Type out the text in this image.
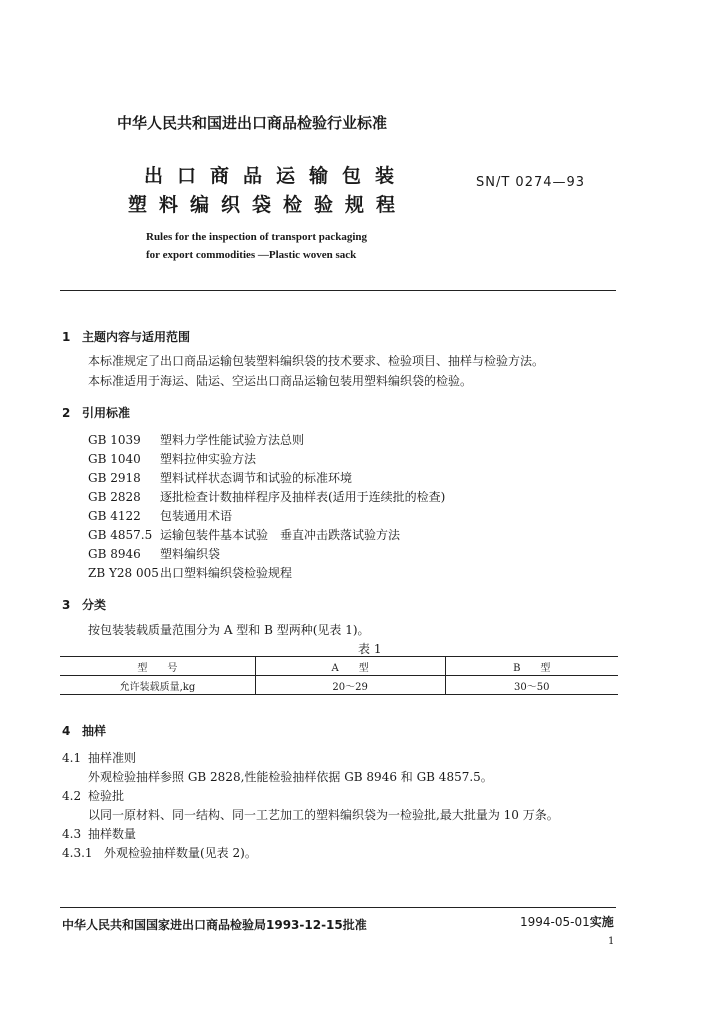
中华人民共和国进出口商品检验行业标准
出口商品运输包装
塑料编织袋检验规程
SN/T 0274—93
Rules for the inspection of transport packaging
for export commodities —Plastic woven sack
1 主题内容与适用范围
本标准规定了出口商品运输包装塑料编织袋的技术要求、检验项目、抽样与检验方法。
本标准适用于海运、陆运、空运出口商品运输包装用塑料编织袋的检验。
2 引用标准
GB 1039 塑料力学性能试验方法总则
GB 1040 塑料拉伸实验方法
GB 2918 塑料试样状态调节和试验的标准环境
GB 2828 逐批检查计数抽样程序及抽样表(适用于连续批的检查)
GB 4122 包装通用术语
GB 4857.5 运输包装件基本试验　垂直冲击跌落试验方法
GB 8946 塑料编织袋
ZB Y28 005出口塑料编织袋检验规程
3 分类
按包装装载质量范围分为 A 型和 B 型两种(见表 1)。
表 1
型　　号	A　　型	B　　型
允许装载质量,kg	20～29	30～50
4 抽样
4.1 抽样准则
外观检验抽样参照 GB 2828,性能检验抽样依据 GB 8946 和 GB 4857.5。
4.2 检验批
以同一原材料、同一结构、同一工艺加工的塑料编织袋为一检验批,最大批量为 10 万条。
4.3 抽样数量
4.3.1 外观检验抽样数量(见表 2)。
中华人民共和国国家进出口商品检验局1993-12-15批准	1994-05-01实施
1
